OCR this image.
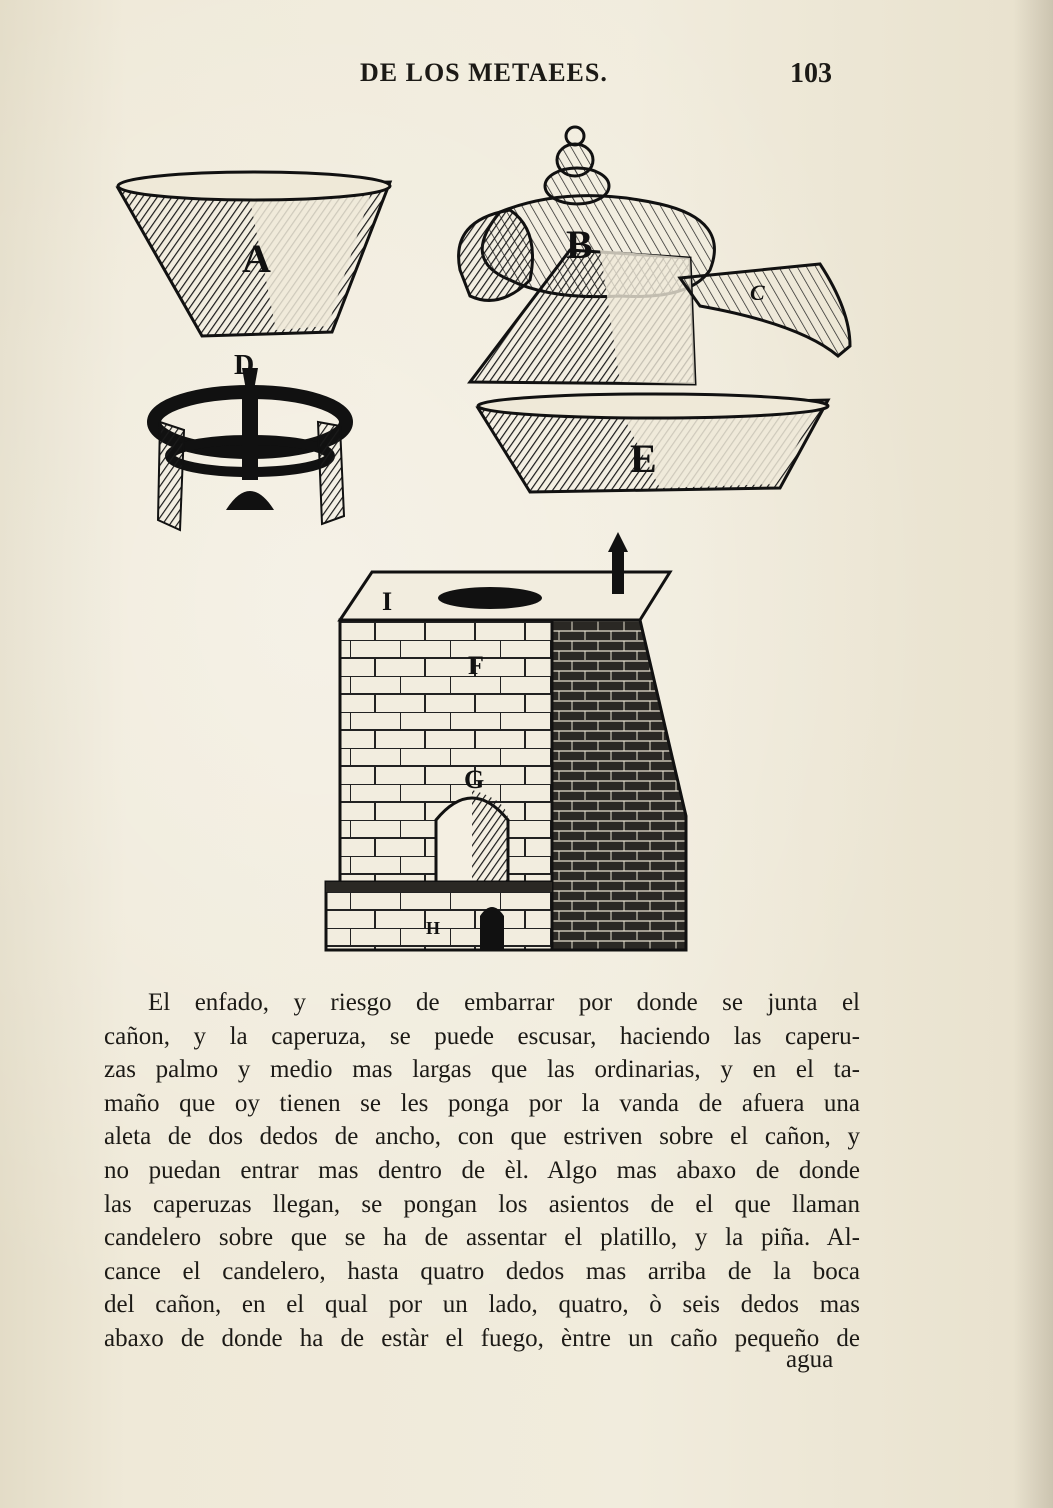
DE LOS METAEES.	103
A
D
B
C
E
I
F
G
H
El enfado, y riesgo de embarrar por donde se junta el
cañon, y la caperuza, se puede escusar, haciendo las caperu-
zas palmo y medio mas largas que las ordinarias, y en el ta-
maño que oy tienen se les ponga por la vanda de afuera una
aleta de dos dedos de ancho, con que estriven sobre el cañon, y
no puedan entrar mas dentro de èl. Algo mas abaxo de donde
las caperuzas llegan, se pongan los asientos de el que llaman
candelero sobre que se ha de assentar el platillo, y la piña. Al-
cance el candelero, hasta quatro dedos mas arriba de la boca
del cañon, en el qual por un lado, quatro, ò seis dedos mas
abaxo de donde ha de estàr el fuego, èntre un caño pequeño de
agua
